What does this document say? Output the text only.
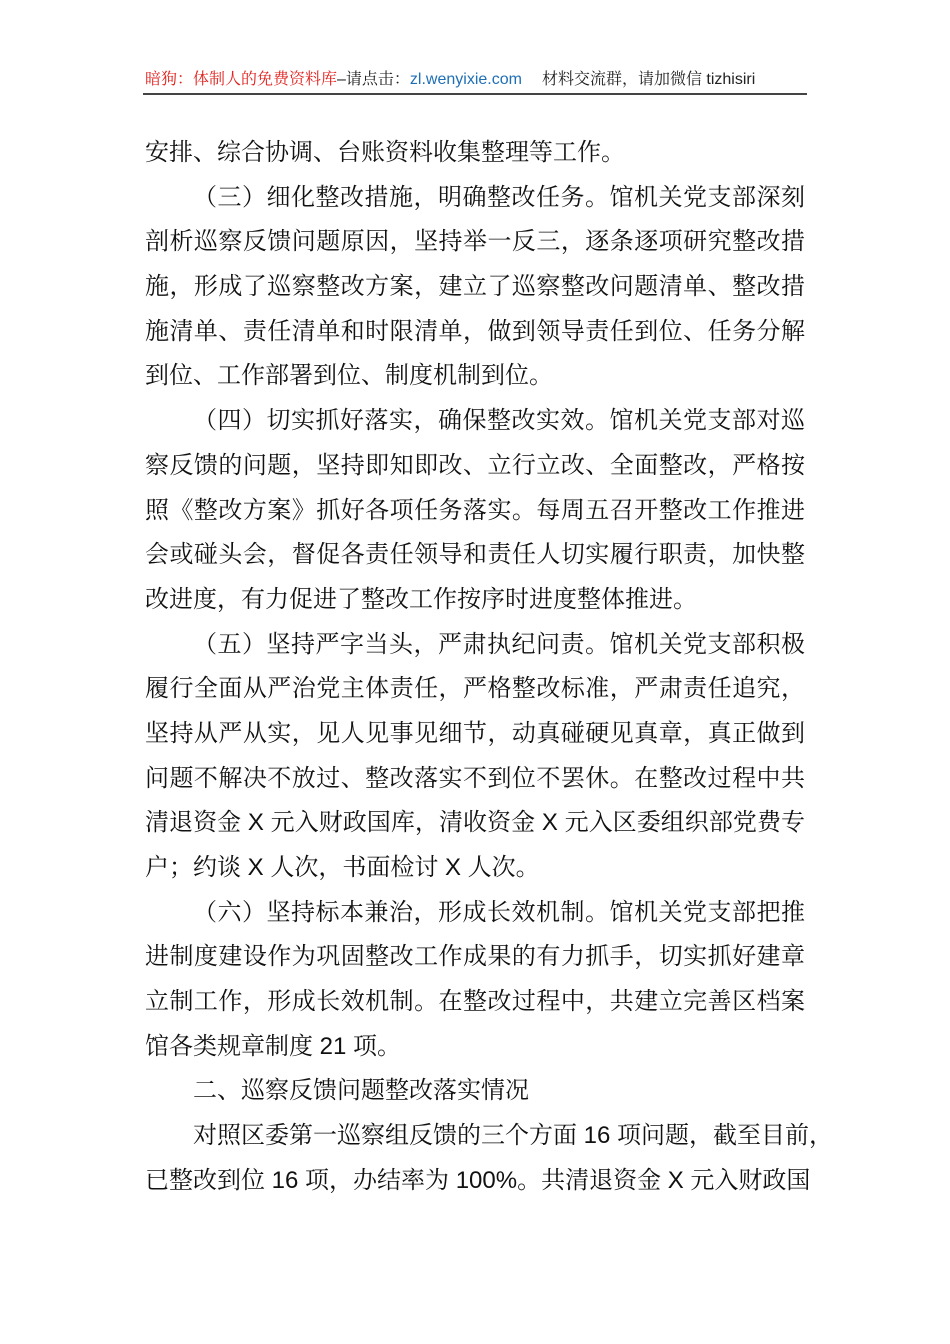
暗狗：体制人的免费资料库 –请点击： zl.wenyixie.com 材料交流群，请加微信 tizhisiri
安排、综合协调、台账资料收集整理等工作。
（三）细化整改措施，明确整改任务。馆机关党支部深刻
剖析巡察反馈问题原因，坚持举一反三，逐条逐项研究整改措
施，形成了巡察整改方案，建立了巡察整改问题清单、整改措
施清单、责任清单和时限清单，做到领导责任到位、任务分解
到位、工作部署到位、制度机制到位。
（四）切实抓好落实，确保整改实效。馆机关党支部对巡
察反馈的问题，坚持即知即改、立行立改、全面整改，严格按
照《整改方案》抓好各项任务落实。每周五召开整改工作推进
会或碰头会，督促各责任领导和责任人切实履行职责，加快整
改进度，有力促进了整改工作按序时进度整体推进。
（五）坚持严字当头，严肃执纪问责。馆机关党支部积极
履行全面从严治党主体责任，严格整改标准，严肃责任追究，
坚持从严从实，见人见事见细节，动真碰硬见真章，真正做到
问题不解决不放过、整改落实不到位不罢休。在整改过程中共
清退资金 X 元入财政国库，清收资金 X 元入区委组织部党费专
户；约谈 X 人次，书面检讨 X 人次。
（六）坚持标本兼治，形成长效机制。馆机关党支部把推
进制度建设作为巩固整改工作成果的有力抓手，切实抓好建章
立制工作，形成长效机制。在整改过程中，共建立完善区档案
馆各类规章制度 21 项。
二、巡察反馈问题整改落实情况
对照区委第一巡察组反馈的三个方面 16 项问题，截至目前，
已整改到位 16 项，办结率为 100%。共清退资金 X 元入财政国
